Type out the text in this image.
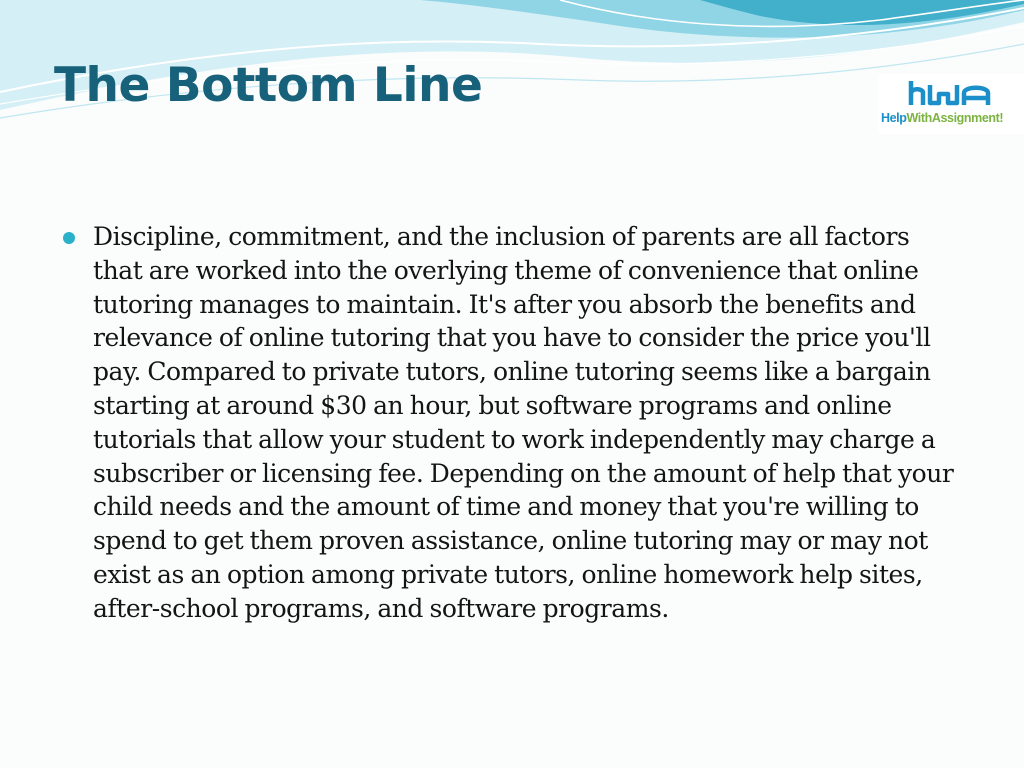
The Bottom Line
HelpWithAssignment!
Discipline, commitment, and the inclusion of parents are all factors that are worked into the overlying theme of convenience that online tutoring manages to maintain. It's after you absorb the benefits and relevance of online tutoring that you have to consider the price you'll pay. Compared to private tutors, online tutoring seems like a bargain starting at around $30 an hour, but software programs and online tutorials that allow your student to work independently may charge a subscriber or licensing fee. Depending on the amount of help that your child needs and the amount of time and money that you're willing to spend to get them proven assistance, online tutoring may or may not exist as an option among private tutors, online homework help sites, after-school programs, and software programs.
